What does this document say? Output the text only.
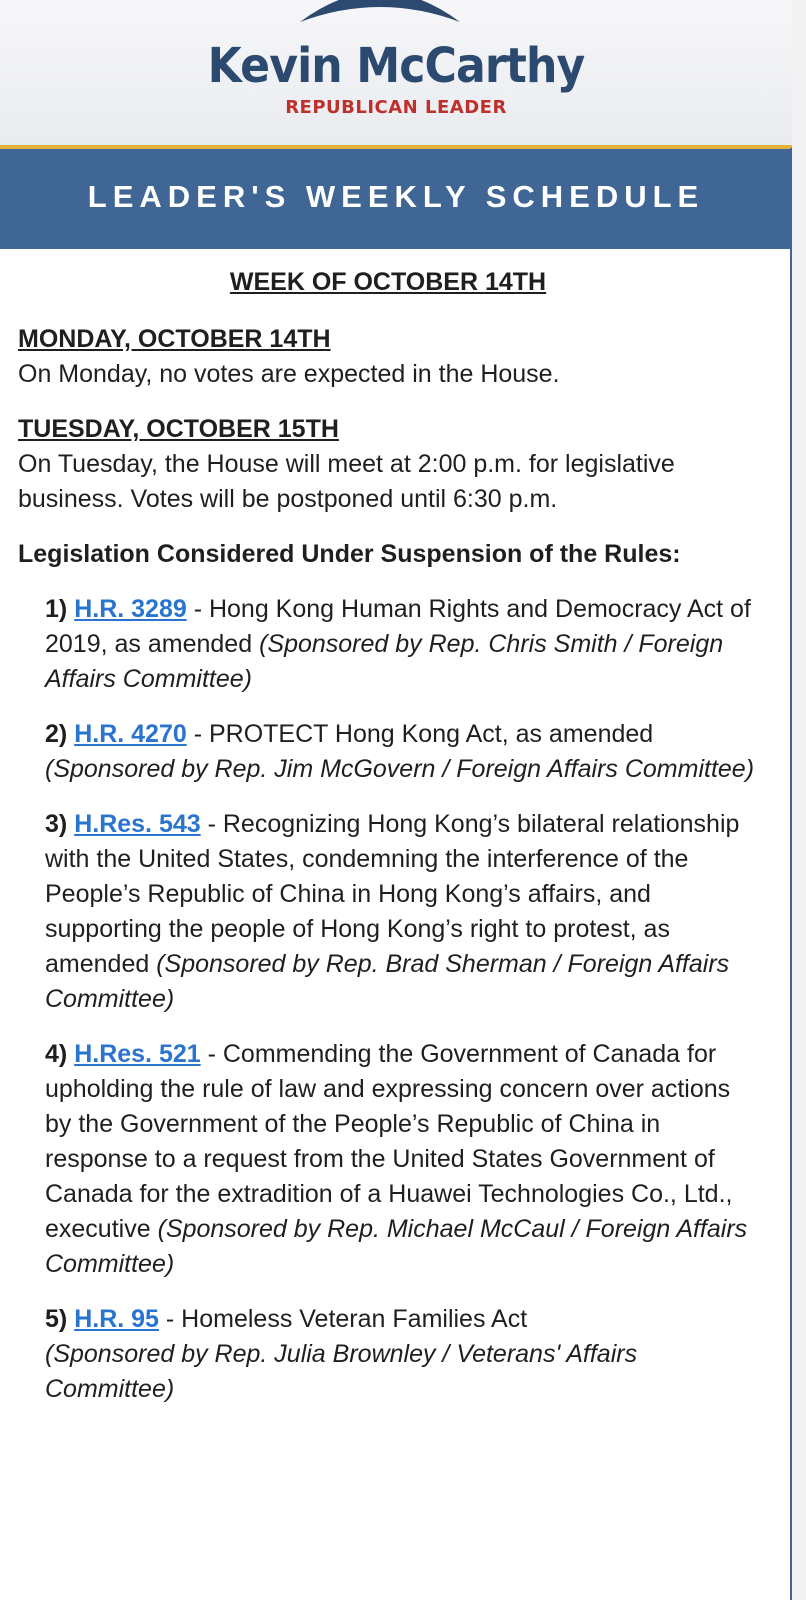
Kevin McCarthy
REPUBLICAN LEADER
LEADER'S WEEKLY SCHEDULE
WEEK OF OCTOBER 14TH
MONDAY, OCTOBER 14TH
On Monday, no votes are expected in the House.
TUESDAY, OCTOBER 15TH
On Tuesday, the House will meet at 2:00 p.m. for legislative business. Votes will be postponed until 6:30 p.m.
Legislation Considered Under Suspension of the Rules:
1) H.R. 3289 - Hong Kong Human Rights and Democracy Act of 2019, as amended (Sponsored by Rep. Chris Smith / Foreign Affairs Committee)
2) H.R. 4270 - PROTECT Hong Kong Act, as amended (Sponsored by Rep. Jim McGovern / Foreign Affairs Committee)
3) H.Res. 543 - Recognizing Hong Kong’s bilateral relationship with the United States, condemning the interference of the People’s Republic of China in Hong Kong’s affairs, and supporting the people of Hong Kong’s right to protest, as amended (Sponsored by Rep. Brad Sherman / Foreign Affairs Committee)
4) H.Res. 521 - Commending the Government of Canada for upholding the rule of law and expressing concern over actions by the Government of the People’s Republic of China in response to a request from the United States Government of Canada for the extradition of a Huawei Technologies Co., Ltd., executive (Sponsored by Rep. Michael McCaul / Foreign Affairs Committee)
5) H.R. 95 - Homeless Veteran Families Act
(Sponsored by Rep. Julia Brownley / Veterans' Affairs Committee)
